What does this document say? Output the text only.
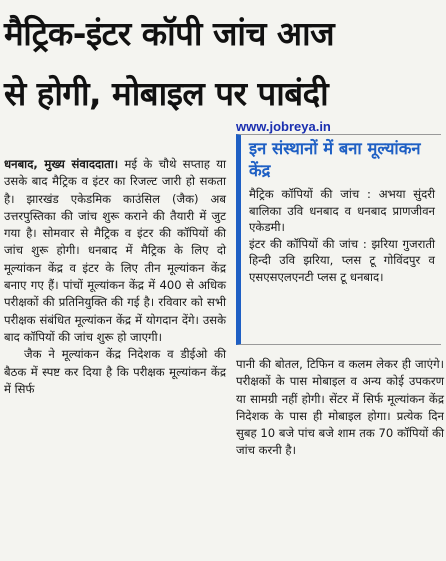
मैट्रिक-इंटर कॉपी जांच आज
से होगी, मोबाइल पर पाबंदी
www.jobreya.in

धनबाद, मुख्य संवाददाता। मई के चौथे सप्ताह या उसके बाद मैट्रिक व इंटर का रिजल्ट जारी हो सकता है। झारखंड एकेडमिक काउंसिल (जैक) अब उत्तरपुस्तिका की जांच शुरू कराने की तैयारी में जुट गया है। सोमवार से मैट्रिक व इंटर की कॉपियों की जांच शुरू होगी। धनबाद में मैट्रिक के लिए दो मूल्यांकन केंद्र व इंटर के लिए तीन मूल्यांकन केंद्र बनाए गए हैं। पांचों मूल्यांकन केंद्र में 400 से अधिक परीक्षकों की प्रतिनियुक्ति की गई है। रविवार को सभी परीक्षक संबंधित मूल्यांकन केंद्र में योगदान देंगे। उसके बाद कॉपियों की जांच शुरू हो जाएगी।

जैक ने मूल्यांकन केंद्र निदेशक व डीईओ की बैठक में स्पष्ट कर दिया है कि परीक्षक मूल्यांकन केंद्र में सिर्फ

इन संस्थानों में बना मूल्यांकन केंद्र

मैट्रिक कॉपियों की जांच : अभया सुंदरी बालिका उवि धनबाद व धनबाद प्राणजीवन एकेडमी।

इंटर की कॉपियों की जांच : झरिया गुजराती हिन्दी उवि झरिया, प्लस टू गोविंदपुर व एसएसएलएनटी प्लस टू धनबाद।

पानी की बोतल, टिफिन व कलम लेकर ही जाएंगे। परीक्षकों के पास मोबाइल व अन्य कोई उपकरण या सामग्री नहीं होगी। सेंटर में सिर्फ मूल्यांकन केंद्र निदेशक के पास ही मोबाइल होगा। प्रत्येक दिन सुबह 10 बजे पांच बजे शाम तक 70 कॉपियों की जांच करनी है।
